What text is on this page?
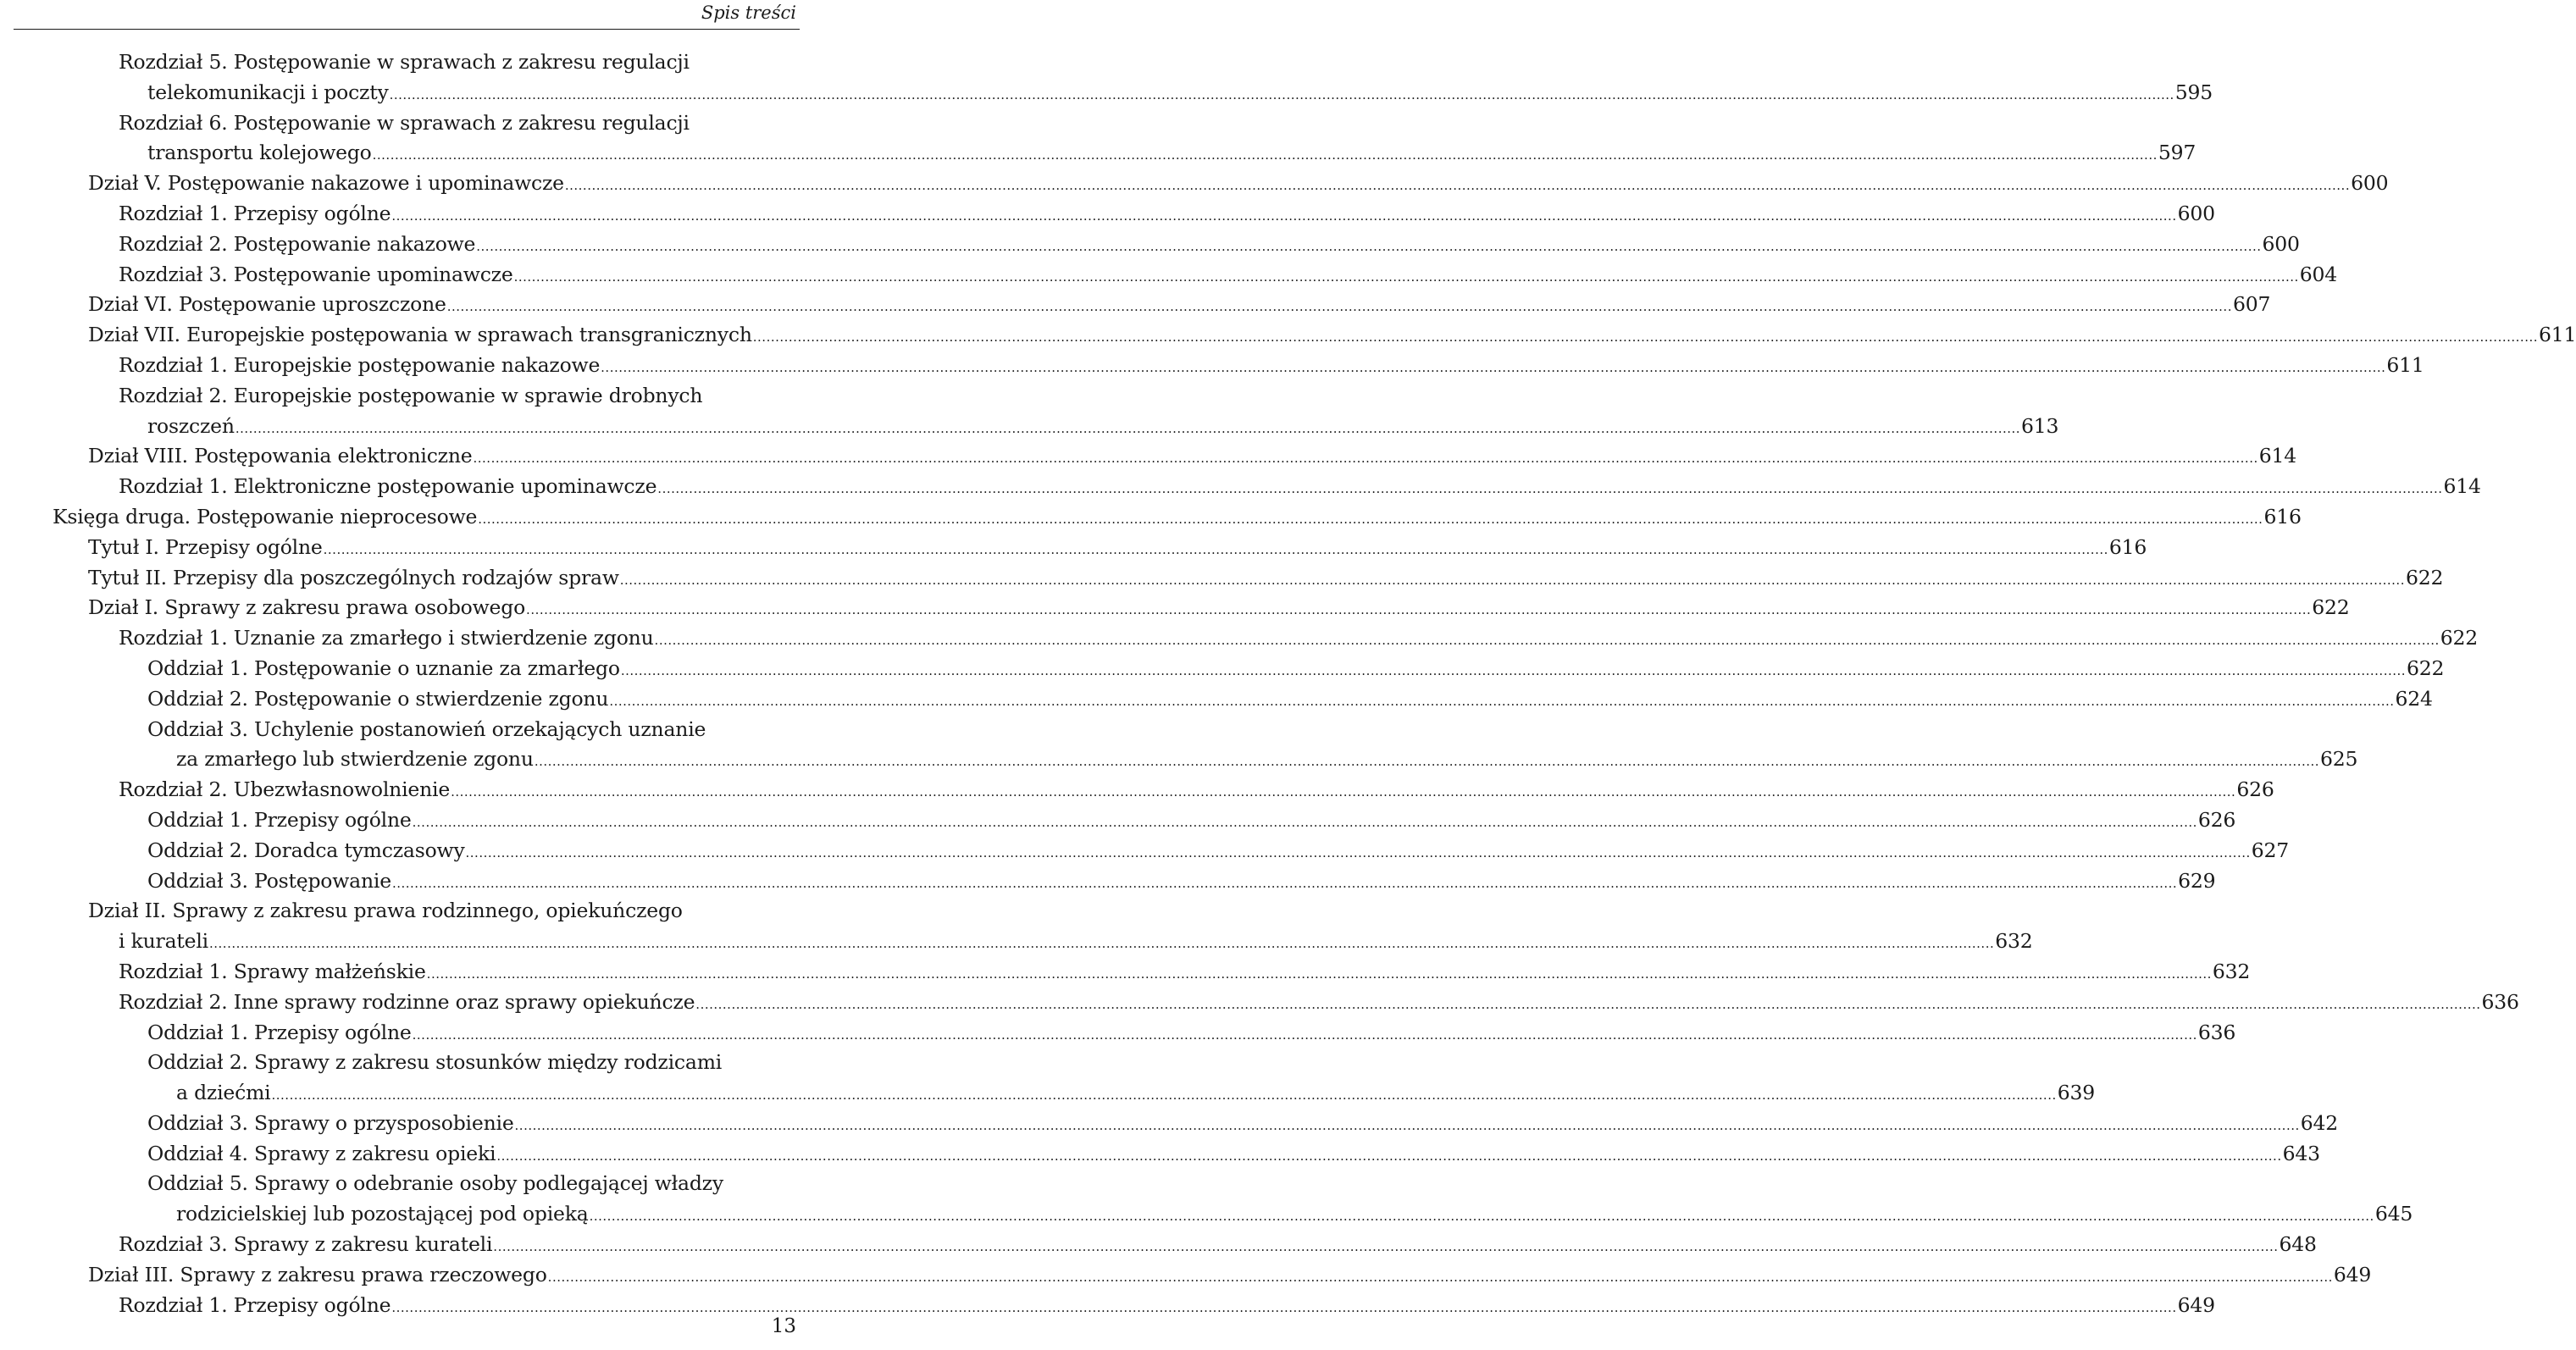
Spis treści
Rozdział 5. Postępowanie w sprawach z zakresu regulacji
telekomunikacji i poczty ................................................................................................................................................................................................................................................................................................................................................................................................................ 595
Rozdział 6. Postępowanie w sprawach z zakresu regulacji
transportu kolejowego ................................................................................................................................................................................................................................................................................................................................................................................................................ 597
Dział V. Postępowanie nakazowe i upominawcze ................................................................................................................................................................................................................................................................................................................................................................................................................ 600
Rozdział 1. Przepisy ogólne ................................................................................................................................................................................................................................................................................................................................................................................................................ 600
Rozdział 2. Postępowanie nakazowe ................................................................................................................................................................................................................................................................................................................................................................................................................ 600
Rozdział 3. Postępowanie upominawcze ................................................................................................................................................................................................................................................................................................................................................................................................................ 604
Dział VI. Postępowanie uproszczone ................................................................................................................................................................................................................................................................................................................................................................................................................ 607
Dział VII. Europejskie postępowania w sprawach transgranicznych ................................................................................................................................................................................................................................................................................................................................................................................................................ 611
Rozdział 1. Europejskie postępowanie nakazowe ................................................................................................................................................................................................................................................................................................................................................................................................................ 611
Rozdział 2. Europejskie postępowanie w sprawie drobnych
roszczeń ................................................................................................................................................................................................................................................................................................................................................................................................................ 613
Dział VIII. Postępowania elektroniczne ................................................................................................................................................................................................................................................................................................................................................................................................................ 614
Rozdział 1. Elektroniczne postępowanie upominawcze ................................................................................................................................................................................................................................................................................................................................................................................................................ 614
Księga druga. Postępowanie nieprocesowe ................................................................................................................................................................................................................................................................................................................................................................................................................ 616
Tytuł I. Przepisy ogólne ................................................................................................................................................................................................................................................................................................................................................................................................................ 616
Tytuł II. Przepisy dla poszczególnych rodzajów spraw ................................................................................................................................................................................................................................................................................................................................................................................................................ 622
Dział I. Sprawy z zakresu prawa osobowego ................................................................................................................................................................................................................................................................................................................................................................................................................ 622
Rozdział 1. Uznanie za zmarłego i stwierdzenie zgonu ................................................................................................................................................................................................................................................................................................................................................................................................................ 622
Oddział 1. Postępowanie o uznanie za zmarłego ................................................................................................................................................................................................................................................................................................................................................................................................................ 622
Oddział 2. Postępowanie o stwierdzenie zgonu ................................................................................................................................................................................................................................................................................................................................................................................................................ 624
Oddział 3. Uchylenie postanowień orzekających uznanie
za zmarłego lub stwierdzenie zgonu ................................................................................................................................................................................................................................................................................................................................................................................................................ 625
Rozdział 2. Ubezwłasnowolnienie ................................................................................................................................................................................................................................................................................................................................................................................................................ 626
Oddział 1. Przepisy ogólne ................................................................................................................................................................................................................................................................................................................................................................................................................ 626
Oddział 2. Doradca tymczasowy ................................................................................................................................................................................................................................................................................................................................................................................................................ 627
Oddział 3. Postępowanie ................................................................................................................................................................................................................................................................................................................................................................................................................ 629
Dział II. Sprawy z zakresu prawa rodzinnego, opiekuńczego
i kurateli ................................................................................................................................................................................................................................................................................................................................................................................................................ 632
Rozdział 1. Sprawy małżeńskie ................................................................................................................................................................................................................................................................................................................................................................................................................ 632
Rozdział 2. Inne sprawy rodzinne oraz sprawy opiekuńcze ................................................................................................................................................................................................................................................................................................................................................................................................................ 636
Oddział 1. Przepisy ogólne ................................................................................................................................................................................................................................................................................................................................................................................................................ 636
Oddział 2. Sprawy z zakresu stosunków między rodzicami
a dziećmi ................................................................................................................................................................................................................................................................................................................................................................................................................ 639
Oddział 3. Sprawy o przysposobienie ................................................................................................................................................................................................................................................................................................................................................................................................................ 642
Oddział 4. Sprawy z zakresu opieki ................................................................................................................................................................................................................................................................................................................................................................................................................ 643
Oddział 5. Sprawy o odebranie osoby podlegającej władzy
rodzicielskiej lub pozostającej pod opieką ................................................................................................................................................................................................................................................................................................................................................................................................................ 645
Rozdział 3. Sprawy z zakresu kurateli ................................................................................................................................................................................................................................................................................................................................................................................................................ 648
Dział III. Sprawy z zakresu prawa rzeczowego ................................................................................................................................................................................................................................................................................................................................................................................................................ 649
Rozdział 1. Przepisy ogólne ................................................................................................................................................................................................................................................................................................................................................................................................................ 649
13
